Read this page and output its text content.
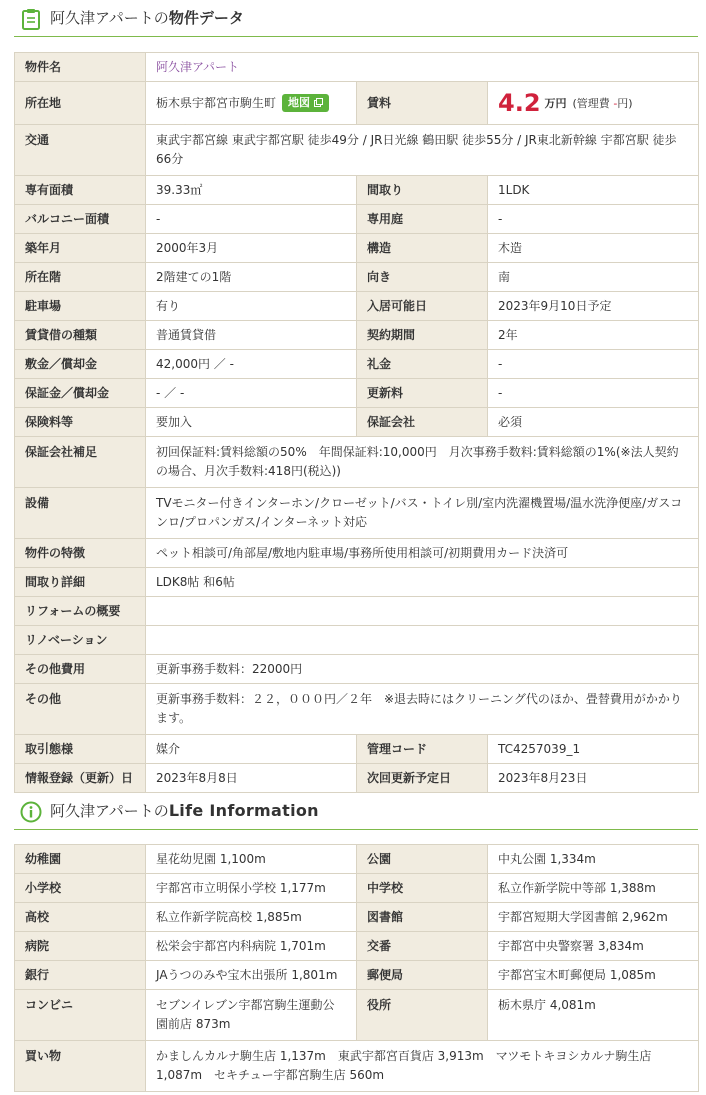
阿久津アパートの物件データ
物件名	阿久津アパート		
所在地	栃木県宇都宮市駒生町 地図	賃料	4.2 万円 (管理費 -円)
交通	東武宇都宮線 東武宇都宮駅 徒歩49分 / JR日光線 鶴田駅 徒歩55分 / JR東北新幹線 宇都宮駅 徒歩66分		
専有面積	39.33㎡	間取り	1LDK
バルコニー面積	-	専用庭	-
築年月	2000年3月	構造	木造
所在階	2階建ての1階	向き	南
駐車場	有り	入居可能日	2023年9月10日予定
賃貸借の種類	普通賃貸借	契約期間	2年
敷金／償却金	42,000円 ／ -	礼金	-
保証金／償却金	- ／ -	更新料	-
保険料等	要加入	保証会社	必須
保証会社補足	初回保証料:賃料総額の50%　年間保証料:10,000円　月次事務手数料:賃料総額の1%(※法人契約の場合、月次手数料:418円(税込))		
設備	TVモニター付きインターホン/クローゼット/バス・トイレ別/室内洗濯機置場/温水洗浄便座/ガスコンロ/プロパンガス/インターネット対応		
物件の特徴	ペット相談可/角部屋/敷地内駐車場/事務所使用相談可/初期費用カード決済可		
間取り詳細	LDK8帖 和6帖		
リフォームの概要			
リノベーション			
その他費用	更新事務手数料：22000円		
その他	更新事務手数料：２２，０００円／２年　※退去時にはクリーニング代のほか、畳替費用がかかります。		
取引態様	媒介	管理コード	TC4257039_1
情報登録（更新）日	2023年8月8日	次回更新予定日	2023年8月23日
阿久津アパートのLife Information
幼稚園	星花幼児園 1,100m	公園	中丸公園 1,334m
小学校	宇都宮市立明保小学校 1,177m	中学校	私立作新学院中等部 1,388m
高校	私立作新学院高校 1,885m	図書館	宇都宮短期大学図書館 2,962m
病院	松栄会宇都宮内科病院 1,701m	交番	宇都宮中央警察署 3,834m
銀行	JAうつのみや宝木出張所 1,801m	郵便局	宇都宮宝木町郵便局 1,085m
コンビニ	セブンイレブン宇都宮駒生運動公園前店 873m	役所	栃木県庁 4,081m
買い物	かましんカルナ駒生店 1,137m　東武宇都宮百貨店 3,913m　マツモトキヨシカルナ駒生店 1,087m　セキチュー宇都宮駒生店 560m		
